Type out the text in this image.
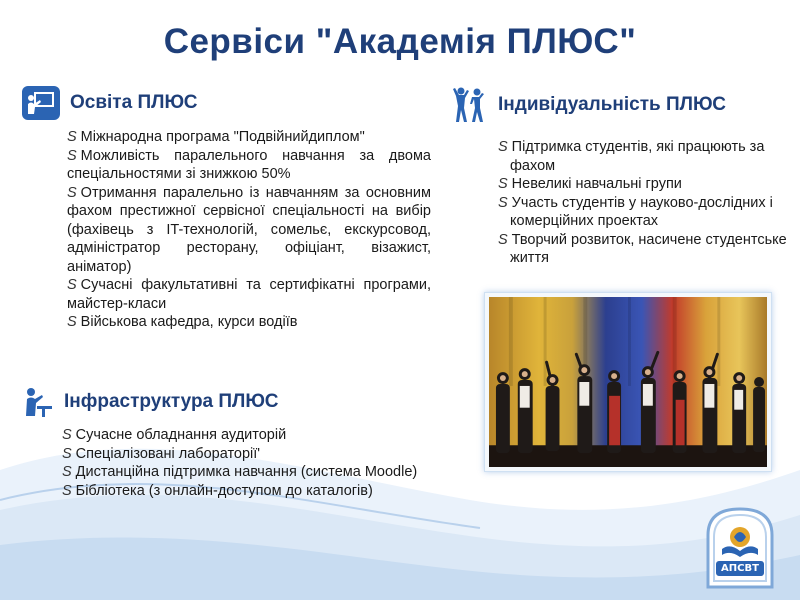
Сервіси "Академія ПЛЮС"
Освіта ПЛЮС
S Міжнародна програма "Подвійнийдиплом"
S Можливість паралельного навчання за двома спеціальностями зі знижкою 50%
S Отримання паралельно із навчанням за основним фахом престижної сервісної спеціальності на вибір (фахівець з IT-технологій, сомельє, екскурсовод, адміністратор ресторану, офіціант, візажист, аніматор)
S Сучасні факультативні та сертифікатні програми, майстер-класи
S Військова кафедра, курси водіїв
Інфраструктура ПЛЮС
S Сучасне обладнання аудиторій
S Спеціалізовані лабораторії'
S Дистанційна підтримка навчання (система Moodle)
S Бібліотека (з онлайн-доступом до каталогів)
Індивідуальність ПЛЮС
S Підтримка студентів, які працюють за фахом
S Невеликі навчальні групи
S Участь студентів у науково-дослідних і комерційних проектах
S Творчий розвиток, насичене студентське життя
АПСВТ
